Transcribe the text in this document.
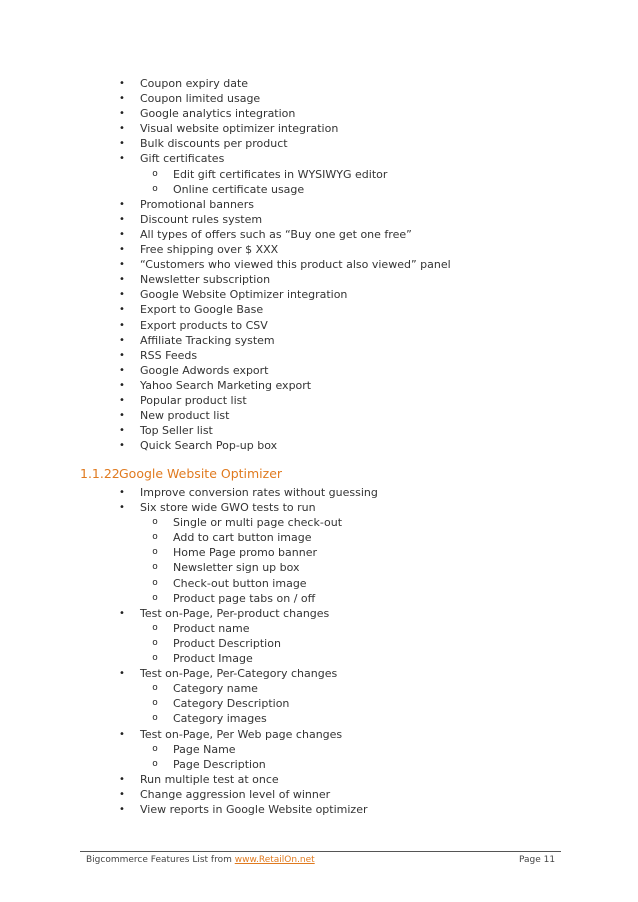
• Coupon expiry date
• Coupon limited usage
• Google analytics integration
• Visual website optimizer integration
• Bulk discounts per product
• Gift certificates
o Edit gift certificates in WYSIWYG editor
o Online certificate usage
• Promotional banners
• Discount rules system
• All types of offers such as “Buy one get one free”
• Free shipping over $ XXX
• “Customers who viewed this product also viewed” panel
• Newsletter subscription
• Google Website Optimizer integration
• Export to Google Base
• Export products to CSV
• Affiliate Tracking system
• RSS Feeds
• Google Adwords export
• Yahoo Search Marketing export
• Popular product list
• New product list
• Top Seller list
• Quick Search Pop-up box
1.1.22Google Website Optimizer
• Improve conversion rates without guessing
• Six store wide GWO tests to run
o Single or multi page check-out
o Add to cart button image
o Home Page promo banner
o Newsletter sign up box
o Check-out button image
o Product page tabs on / off
• Test on-Page, Per-product changes
o Product name
o Product Description
o Product Image
• Test on-Page, Per-Category changes
o Category name
o Category Description
o Category images
• Test on-Page, Per Web page changes
o Page Name
o Page Description
• Run multiple test at once
• Change aggression level of winner
• View reports in Google Website optimizer
Bigcommerce Features List from www.RetailOn.net	Page 11
